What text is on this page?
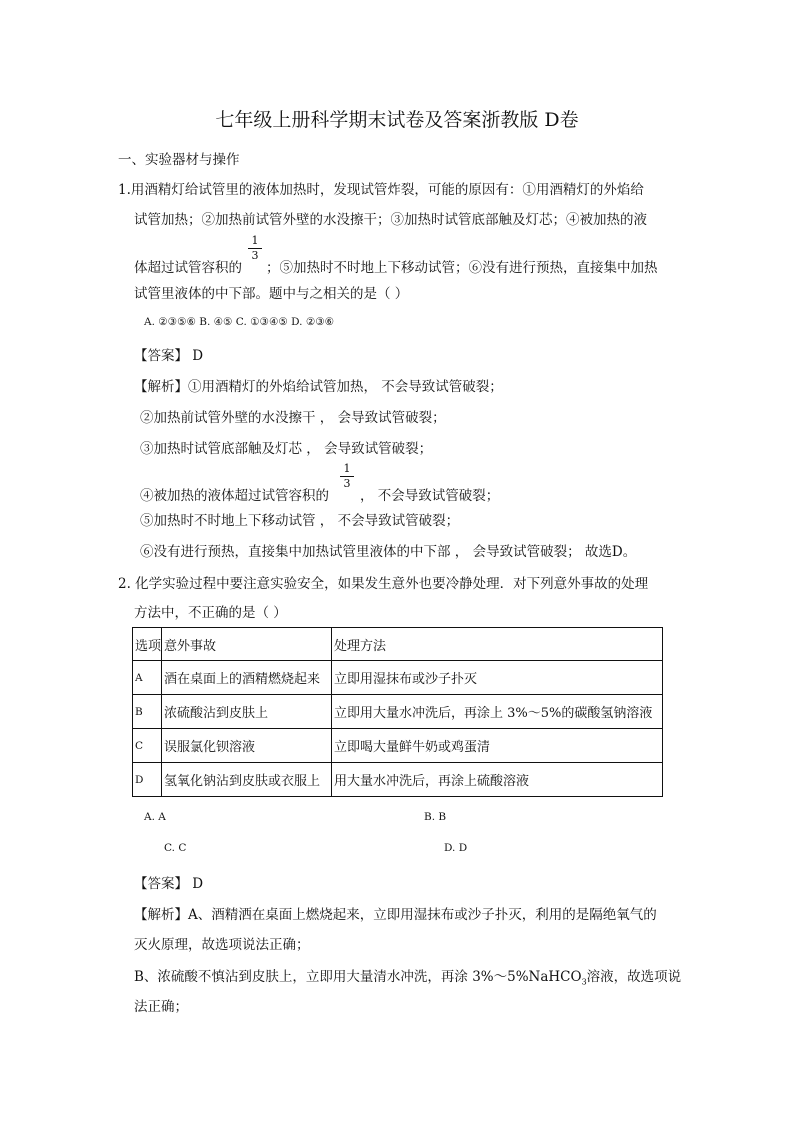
七年级上册科学期末试卷及答案浙教版 D卷
一、实验器材与操作
1.用酒精灯给试管里的液体加热时，发现试管炸裂，可能的原因有：①用酒精灯的外焰给
试管加热；②加热前试管外壁的水没擦干；③加热时试管底部触及灯芯；④被加热的液
1
3
体超过试管容积的 ；⑤加热时不时地上下移动试管；⑥没有进行预热，直接集中加热
试管里液体的中下部。题中与之相关的是（ ）
A. ②③⑤⑥ B. ④⑤ C. ①③④⑤ D. ②③⑥
【答案】 D
【解析】①用酒精灯的外焰给试管加热， 不会导致试管破裂；
②加热前试管外壁的水没擦干 ， 会导致试管破裂；
③加热时试管底部触及灯芯 ， 会导致试管破裂；
1
3
④被加热的液体超过试管容积的 ， 不会导致试管破裂；
⑤加热时不时地上下移动试管 ， 不会导致试管破裂；
⑥没有进行预热，直接集中加热试管里液体的中下部 ， 会导致试管破裂； 故选D。
2. 化学实验过程中要注意实验安全，如果发生意外也要冷静处理．对下列意外事故的处理
方法中，不正确的是（ ）
选项	意外事故	处理方法
A	酒在桌面上的酒精燃烧起来	立即用湿抹布或沙子扑灭
B	浓硫酸沾到皮肤上	立即用大量水冲洗后，再涂上 3%～5%的碳酸氢钠溶液
C	误服氯化钡溶液	立即喝大量鲜牛奶或鸡蛋清
D	氢氧化钠沾到皮肤或衣服上	用大量水冲洗后，再涂上硫酸溶液
A. A	B. B
C. C	D. D
【答案】 D
【解析】A、酒精洒在桌面上燃烧起来，立即用湿抹布或沙子扑灭，利用的是隔绝氧气的
灭火原理，故选项说法正确；
B、浓硫酸不慎沾到皮肤上，立即用大量清水冲洗，再涂 3%～5%NaHCO$_3$溶液，故选项说
法正确；
